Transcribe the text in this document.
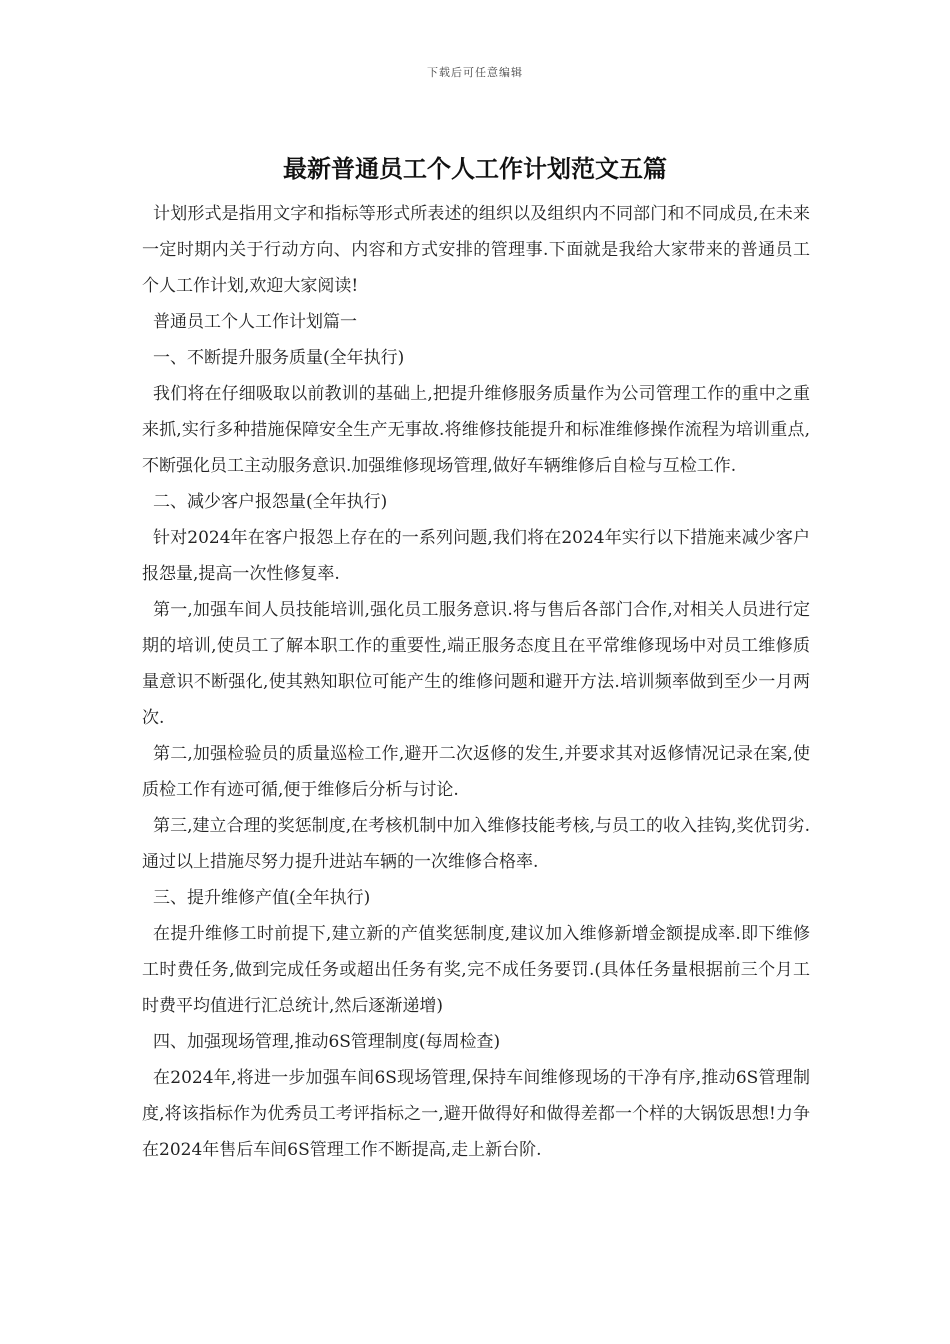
下载后可任意编辑
最新普通员工个人工作计划范文五篇

计划形式是指用文字和指标等形式所表述的组织以及组织内不同部门和不同成员,在未来一定时期内关于行动方向、内容和方式安排的管理事.下面就是我给大家带来的普通员工个人工作计划,欢迎大家阅读!

普通员工个人工作计划篇一

一、不断提升服务质量(全年执行)

我们将在仔细吸取以前教训的基础上,把提升维修服务质量作为公司管理工作的重中之重来抓,实行多种措施保障安全生产无事故.将维修技能提升和标准维修操作流程为培训重点,不断强化员工主动服务意识.加强维修现场管理,做好车辆维修后自检与互检工作.

二、减少客户报怨量(全年执行)

针对2024年在客户报怨上存在的一系列问题,我们将在2024年实行以下措施来减少客户报怨量,提高一次性修复率.

第一,加强车间人员技能培训,强化员工服务意识.将与售后各部门合作,对相关人员进行定期的培训,使员工了解本职工作的重要性,端正服务态度且在平常维修现场中对员工维修质量意识不断强化,使其熟知职位可能产生的维修问题和避开方法.培训频率做到至少一月两次.

第二,加强检验员的质量巡检工作,避开二次返修的发生,并要求其对返修情况记录在案,使质检工作有迹可循,便于维修后分析与讨论.

第三,建立合理的奖惩制度,在考核机制中加入维修技能考核,与员工的收入挂钩,奖优罚劣.通过以上措施尽努力提升进站车辆的一次维修合格率.

三、提升维修产值(全年执行)

在提升维修工时前提下,建立新的产值奖惩制度,建议加入维修新增金额提成率.即下维修工时费任务,做到完成任务或超出任务有奖,完不成任务要罚.(具体任务量根据前三个月工时费平均值进行汇总统计,然后逐渐递增)

四、加强现场管理,推动6S管理制度(每周检查)

在2024年,将进一步加强车间6S现场管理,保持车间维修现场的干净有序,推动6S管理制度,将该指标作为优秀员工考评指标之一,避开做得好和做得差都一个样的大锅饭思想!力争在2024年售后车间6S管理工作不断提高,走上新台阶.
